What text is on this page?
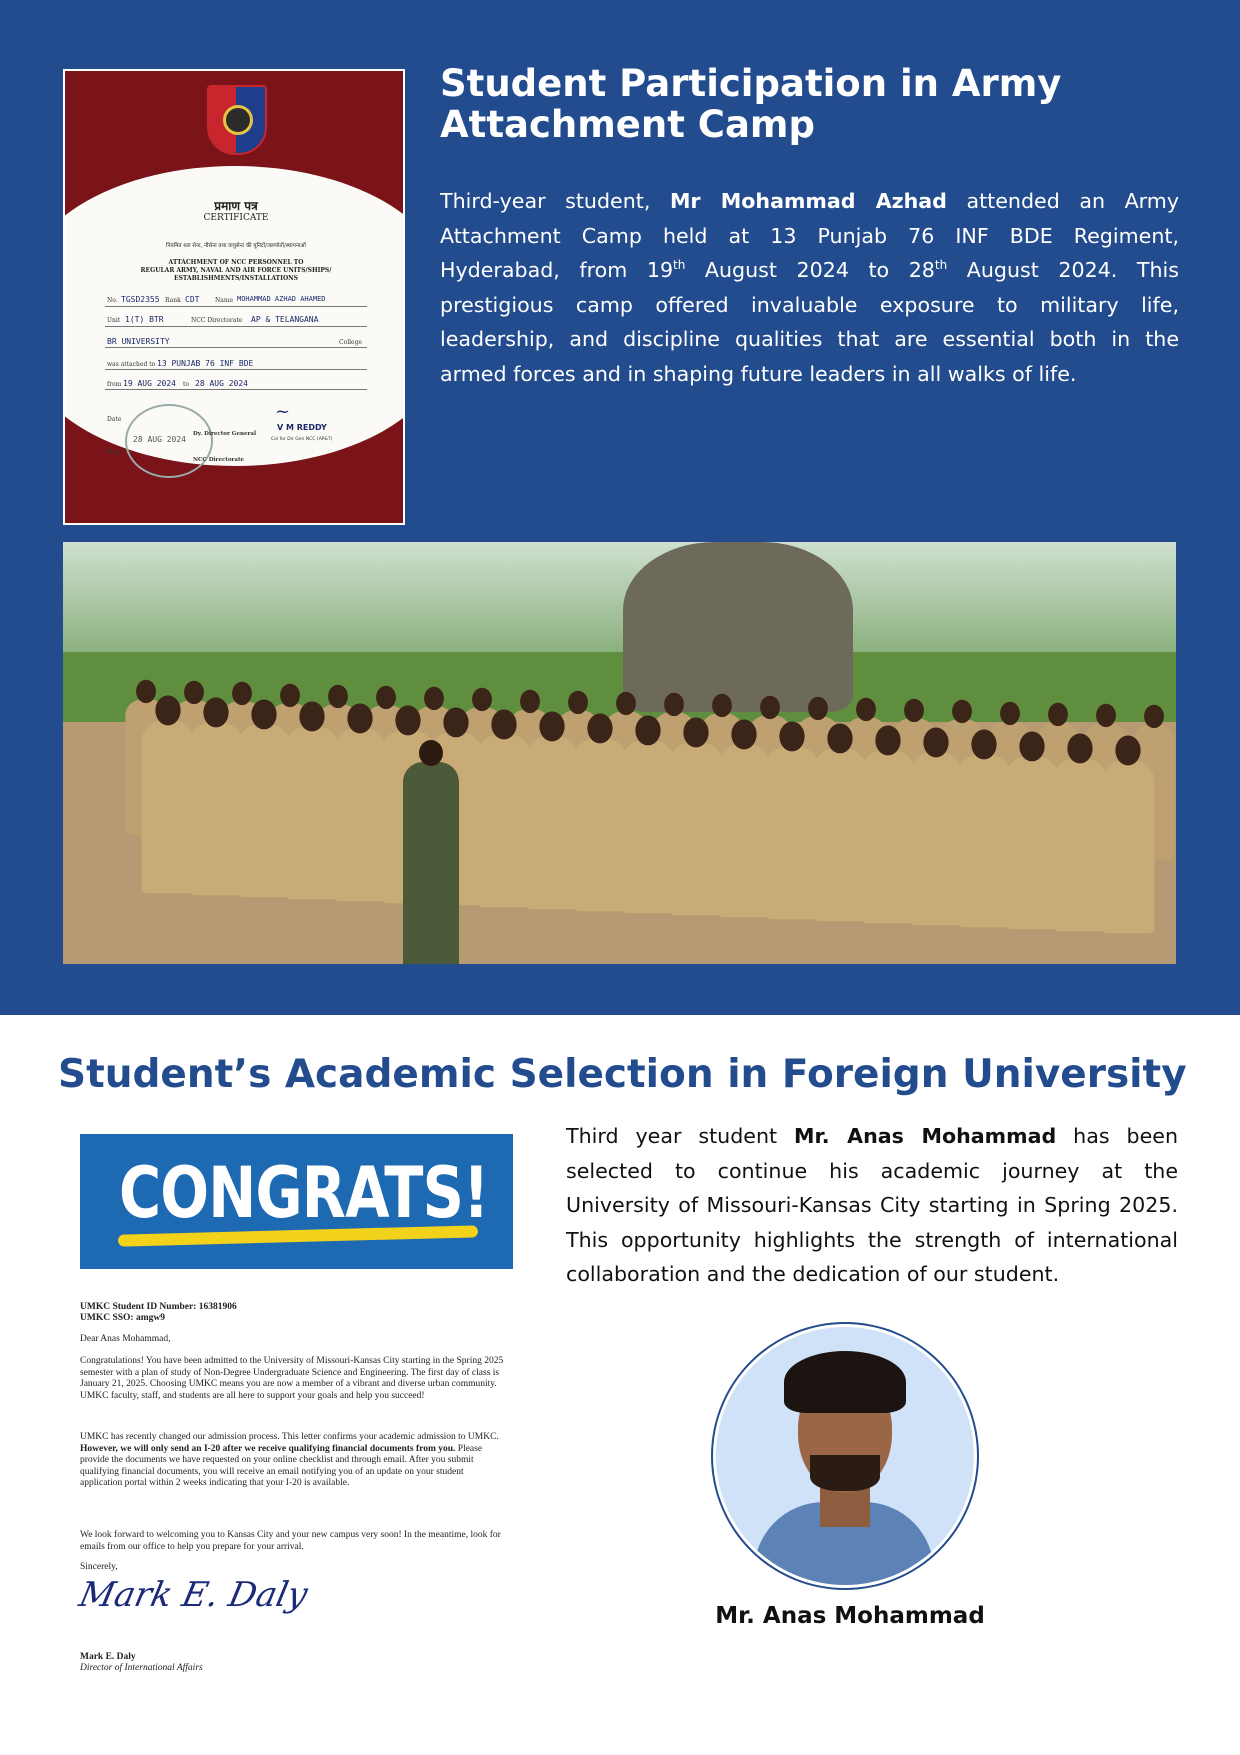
प्रमाण पत्र
CERTIFICATE
नियमित थल सेना, नौसेना तथा वायुसेना की यूनिटों/जलपोतों/स्थापनाओं
ATTACHMENT OF NCC PERSONNEL TO
REGULAR ARMY, NAVAL AND AIR FORCE UNITS/SHIPS/
ESTABLISHMENTS/INSTALLATIONS
No. TGSD2355 Rank CDT	Name MOHAMMAD AZHAD AHAMED
Unit 1(T) BTR	NCC Directorate AP & TELANGANA
BR UNIVERSITY	College
was attached to 13 PUNJAB 76 INF BDE
from 19 AUG 2024 to 28 AUG 2024
Date
28 AUG 2024
Place
Dy. Director General
NCC Directorate
~
V M REDDY
Col for Dir Gen NCC (AP&T)
Student Participation in Army
Attachment Camp
Third-year student, Mr Mohammad Azhad attended an Army
Attachment Camp held at 13 Punjab 76 INF BDE Regiment,
Hyderabad, from 19th August 2024 to 28th August 2024. This
prestigious camp offered invaluable exposure to military life,
leadership, and discipline qualities that are essential both in the
armed forces and in shaping future leaders in all walks of life.
Student’s Academic Selection in Foreign University
CONGRATS!
UMKC Student ID Number: 16381906
UMKC SSO: amgw9
Dear Anas Mohammad,
Congratulations! You have been admitted to the University of Missouri-Kansas City starting in the Spring 2025
semester with a plan of study of Non-Degree Undergraduate Science and Engineering. The first day of class is
January 21, 2025. Choosing UMKC means you are now a member of a vibrant and diverse urban community.
UMKC faculty, staff, and students are all here to support your goals and help you succeed!
UMKC has recently changed our admission process. This letter confirms your academic admission to UMKC.
However, we will only send an I-20 after we receive qualifying financial documents from you. Please
provide the documents we have requested on your online checklist and through email. After you submit
qualifying financial documents, you will receive an email notifying you of an update on your student
application portal within 2 weeks indicating that your I-20 is available.
We look forward to welcoming you to Kansas City and your new campus very soon! In the meantime, look for
emails from our office to help you prepare for your arrival.
Sincerely,
Mark E. Daly
Mark E. Daly
Director of International Affairs
Third year student Mr. Anas Mohammad has been
selected to continue his academic journey at the
University of Missouri-Kansas City starting in Spring 2025.
This opportunity highlights the strength of international
collaboration and the dedication of our student.
Mr. Anas Mohammad
